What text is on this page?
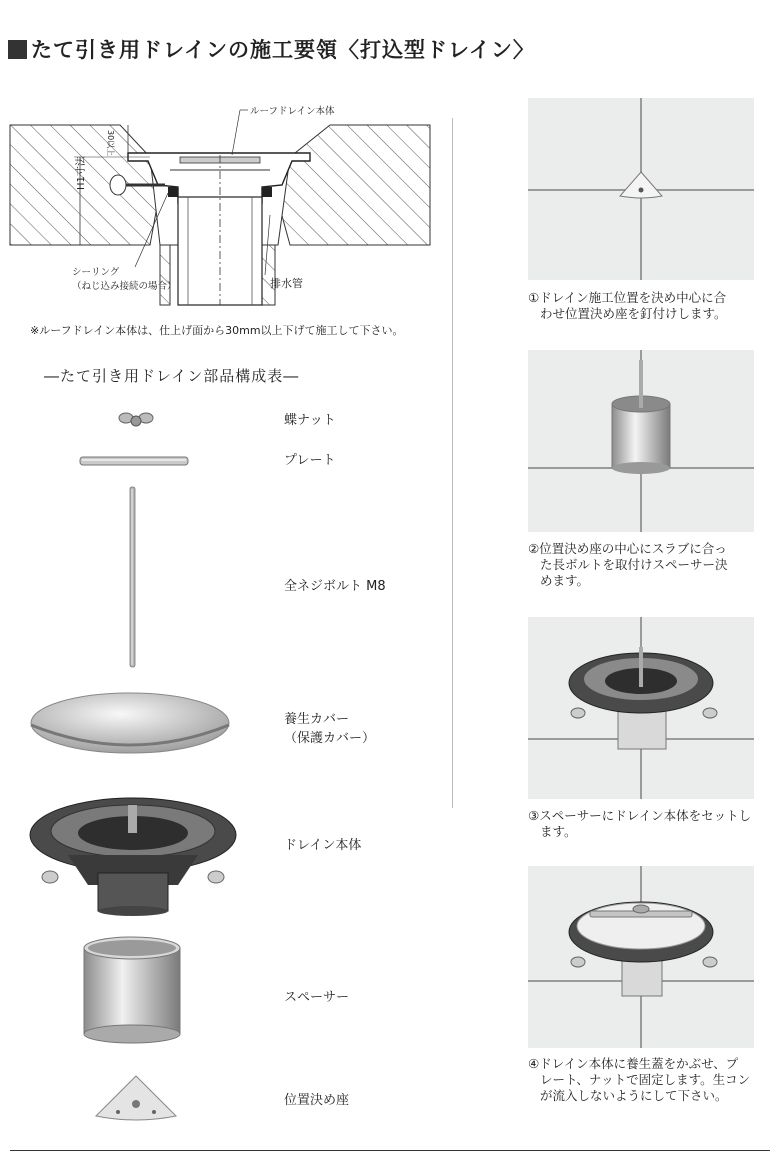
たて引き用ドレインの施工要領〈打込型ドレイン〉
ルーフドレイン本体
30以上
H1寸法
シーリング
（ねじ込み接続の場合）	排水管
※ルーフドレイン本体は、仕上げ面から30mm以上下げて施工して下さい。
―たて引き用ドレイン部品構成表―
蝶ナット
プレート
全ネジボルト M8
養生カバー
（保護カバー）
ドレイン本体
スペーサー
位置決め座
①ドレイン施工位置を決め中心に合
わせ位置決め座を釘付けします。
②位置決め座の中心にスラブに合っ
た長ボルトを取付けスペーサー決
めます。
③スペーサーにドレイン本体をセットし
ます。
④ドレイン本体に養生蓋をかぶせ、プ
レート、ナットで固定します。生コン
が流入しないようにして下さい。
